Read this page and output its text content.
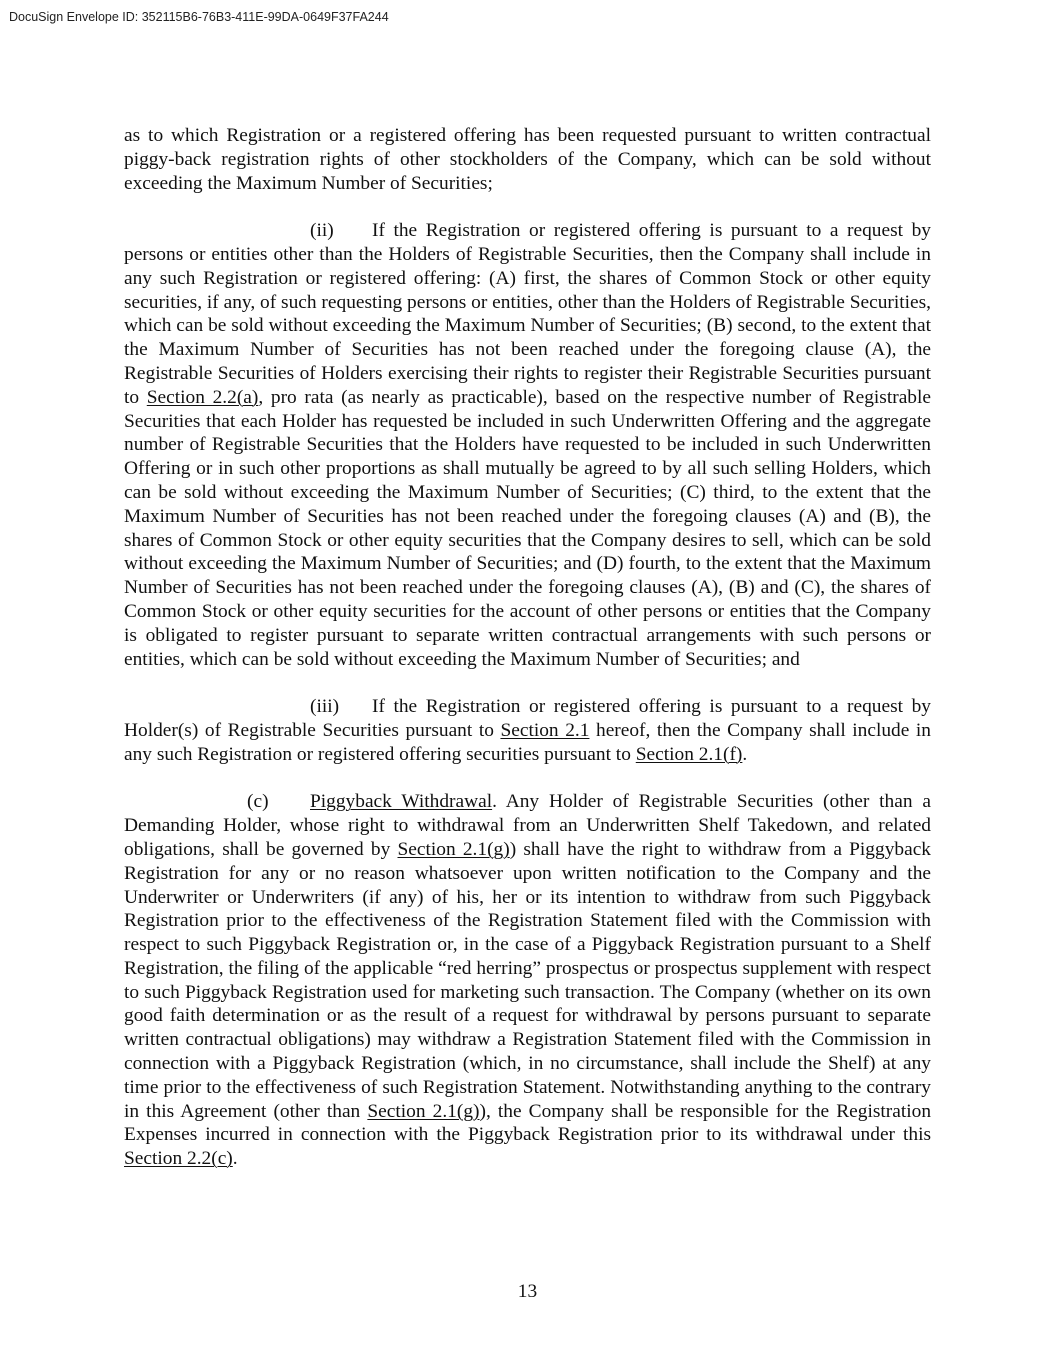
DocuSign Envelope ID: 352115B6-76B3-411E-99DA-0649F37FA244

as to which Registration or a registered offering has been requested pursuant to written contractual piggy-back registration rights of other stockholders of the Company, which can be sold without exceeding the Maximum Number of Securities;

(ii) If the Registration or registered offering is pursuant to a request by persons or entities other than the Holders of Registrable Securities, then the Company shall include in any such Registration or registered offering: (A) first, the shares of Common Stock or other equity securities, if any, of such requesting persons or entities, other than the Holders of Registrable Securities, which can be sold without exceeding the Maximum Number of Securities; (B) second, to the extent that the Maximum Number of Securities has not been reached under the foregoing clause (A), the Registrable Securities of Holders exercising their rights to register their Registrable Securities pursuant to Section 2.2(a), pro rata (as nearly as practicable), based on the respective number of Registrable Securities that each Holder has requested be included in such Underwritten Offering and the aggregate number of Registrable Securities that the Holders have requested to be included in such Underwritten Offering or in such other proportions as shall mutually be agreed to by all such selling Holders, which can be sold without exceeding the Maximum Number of Securities; (C) third, to the extent that the Maximum Number of Securities has not been reached under the foregoing clauses (A) and (B), the shares of Common Stock or other equity securities that the Company desires to sell, which can be sold without exceeding the Maximum Number of Securities; and (D) fourth, to the extent that the Maximum Number of Securities has not been reached under the foregoing clauses (A), (B) and (C), the shares of Common Stock or other equity securities for the account of other persons or entities that the Company is obligated to register pursuant to separate written contractual arrangements with such persons or entities, which can be sold without exceeding the Maximum Number of Securities; and

(iii) If the Registration or registered offering is pursuant to a request by Holder(s) of Registrable Securities pursuant to Section 2.1 hereof, then the Company shall include in any such Registration or registered offering securities pursuant to Section 2.1(f).

(c) Piggyback Withdrawal. Any Holder of Registrable Securities (other than a Demanding Holder, whose right to withdrawal from an Underwritten Shelf Takedown, and related obligations, shall be governed by Section 2.1(g)) shall have the right to withdraw from a Piggyback Registration for any or no reason whatsoever upon written notification to the Company and the Underwriter or Underwriters (if any) of his, her or its intention to withdraw from such Piggyback Registration prior to the effectiveness of the Registration Statement filed with the Commission with respect to such Piggyback Registration or, in the case of a Piggyback Registration pursuant to a Shelf Registration, the filing of the applicable “red herring” prospectus or prospectus supplement with respect to such Piggyback Registration used for marketing such transaction. The Company (whether on its own good faith determination or as the result of a request for withdrawal by persons pursuant to separate written contractual obligations) may withdraw a Registration Statement filed with the Commission in connection with a Piggyback Registration (which, in no circumstance, shall include the Shelf) at any time prior to the effectiveness of such Registration Statement. Notwithstanding anything to the contrary in this Agreement (other than Section 2.1(g)), the Company shall be responsible for the Registration Expenses incurred in connection with the Piggyback Registration prior to its withdrawal under this Section 2.2(c).

13
